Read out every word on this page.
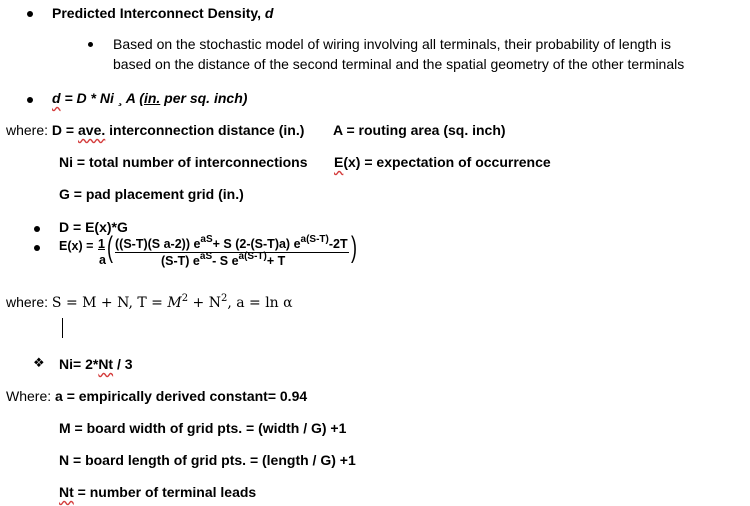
Predicted Interconnect Density, d
Based on the stochastic model of wiring involving all terminals, their probability of length is
based on the distance of the second terminal and the spatial geometry of the other terminals
d = D * Ni ¸ A (in. per sq. inch)
where: D = ave. interconnection distance (in.) A = routing area (sq. inch)
Ni = total number of interconnections E(x) = expectation of occurrence
G = pad placement grid (in.)
D = E(x)*G
E(x) = 1
a ( ((S-T)(S a-2)) $e^{aS}+ S$ (2-(S-T)a) $e^{a(S-T)}-2T$
(S-T) $e^{aS}-$ S $e^{a(S-T)}+ T$ )
where: S = M + N, $T = M^2 + N^2$, a = ln α
❖ Ni= 2*Nt / 3
Where: a = empirically derived constant= 0.94
M = board width of grid pts. = (width / G) +1
N = board length of grid pts. = (length / G) +1
Nt = number of terminal leads
